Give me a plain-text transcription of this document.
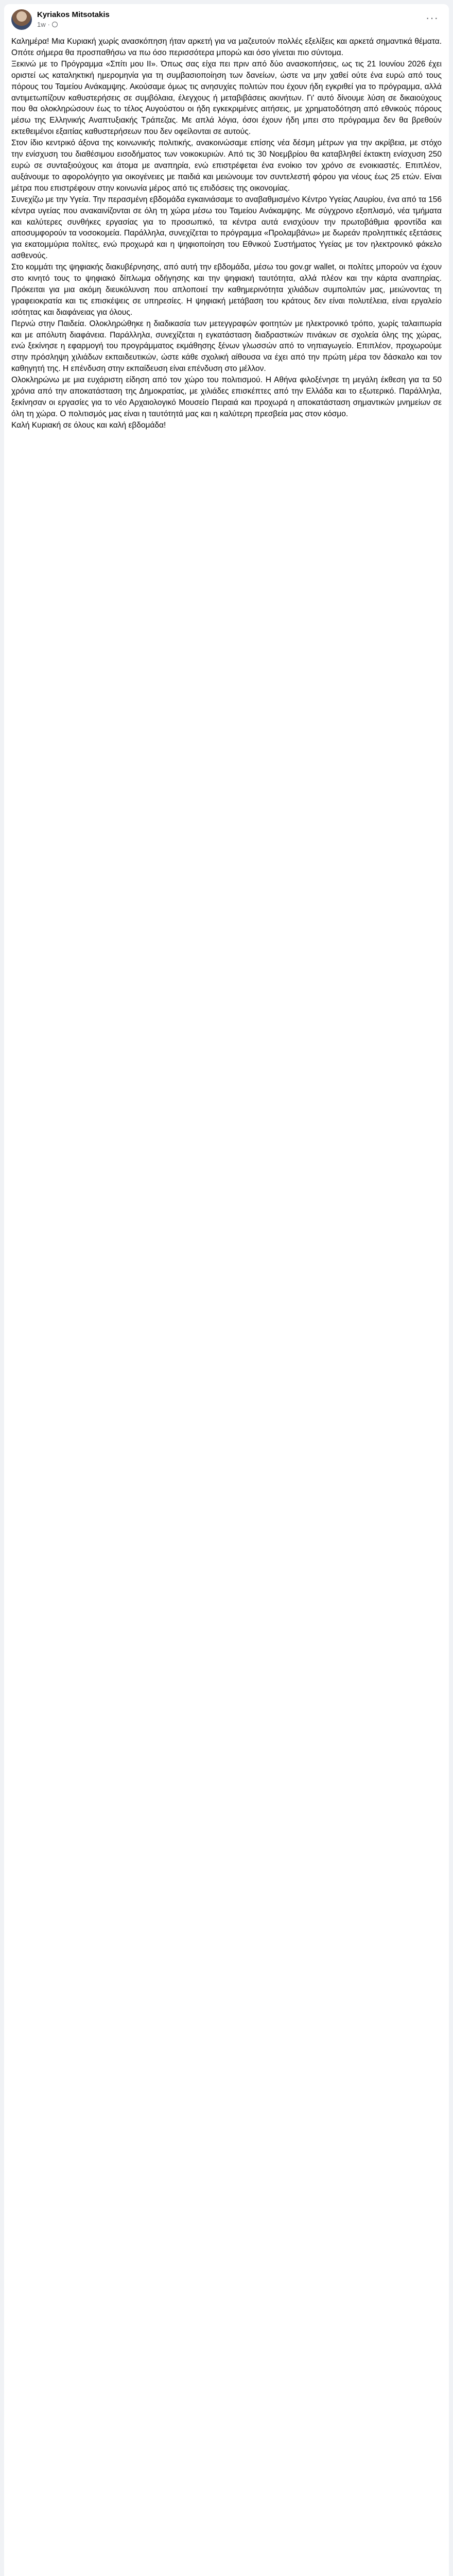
Kyriakos Mitsotakis
1w ·
···

Καλημέρα! Μια Κυριακή χωρίς ανασκόπηση ήταν αρκετή για να μαζευτούν πολλές εξελίξεις και αρκετά σημαντικά θέματα. Οπότε σήμερα θα προσπαθήσω να πω όσο περισσότερα μπορώ και όσο γίνεται πιο σύντομα.

Ξεκινώ με το Πρόγραμμα «Σπίτι μου ΙΙ». Όπως σας είχα πει πριν από δύο ανασκοπήσεις, ως τις 21 Ιουνίου 2026 έχει οριστεί ως καταληκτική ημερομηνία για τη συμβασιοποίηση των δανείων, ώστε να μην χαθεί ούτε ένα ευρώ από τους πόρους του Ταμείου Ανάκαμψης. Ακούσαμε όμως τις ανησυχίες πολιτών που έχουν ήδη εγκριθεί για το πρόγραμμα, αλλά αντιμετωπίζουν καθυστερήσεις σε συμβόλαια, έλεγχους ή μεταβιβάσεις ακινήτων. Γι' αυτό δίνουμε λύση σε δικαιούχους που θα ολοκληρώσουν έως το τέλος Αυγούστου οι ήδη εγκεκριμένες αιτήσεις, με χρηματοδότηση από εθνικούς πόρους μέσω της Ελληνικής Αναπτυξιακής Τράπεζας. Με απλά λόγια, όσοι έχουν ήδη μπει στο πρόγραμμα δεν θα βρεθούν εκτεθειμένοι εξαιτίας καθυστερήσεων που δεν οφείλονται σε αυτούς.

Στον ίδιο κεντρικό άξονα της κοινωνικής πολιτικής, ανακοινώσαμε επίσης νέα δέσμη μέτρων για την ακρίβεια, με στόχο την ενίσχυση του διαθέσιμου εισοδήματος των νοικοκυριών. Από τις 30 Νοεμβρίου θα καταβληθεί έκτακτη ενίσχυση 250 ευρώ σε συνταξιούχους και άτομα με αναπηρία, ενώ επιστρέφεται ένα ενοίκιο τον χρόνο σε ενοικιαστές. Επιπλέον, αυξάνουμε το αφορολόγητο για οικογένειες με παιδιά και μειώνουμε τον συντελεστή φόρου για νέους έως 25 ετών. Είναι μέτρα που επιστρέφουν στην κοινωνία μέρος από τις επιδόσεις της οικονομίας.

Συνεχίζω με την Υγεία. Την περασμένη εβδομάδα εγκαινιάσαμε το αναβαθμισμένο Κέντρο Υγείας Λαυρίου, ένα από τα 156 κέντρα υγείας που ανακαινίζονται σε όλη τη χώρα μέσω του Ταμείου Ανάκαμψης. Με σύγχρονο εξοπλισμό, νέα τμήματα και καλύτερες συνθήκες εργασίας για το προσωπικό, τα κέντρα αυτά ενισχύουν την πρωτοβάθμια φροντίδα και αποσυμφορούν τα νοσοκομεία. Παράλληλα, συνεχίζεται το πρόγραμμα «Προλαμβάνω» με δωρεάν προληπτικές εξετάσεις για εκατομμύρια πολίτες, ενώ προχωρά και η ψηφιοποίηση του Εθνικού Συστήματος Υγείας με τον ηλεκτρονικό φάκελο ασθενούς.

Στο κομμάτι της ψηφιακής διακυβέρνησης, από αυτή την εβδομάδα, μέσω του gov.gr wallet, οι πολίτες μπορούν να έχουν στο κινητό τους το ψηφιακό δίπλωμα οδήγησης και την ψηφιακή ταυτότητα, αλλά πλέον και την κάρτα αναπηρίας. Πρόκειται για μια ακόμη διευκόλυνση που απλοποιεί την καθημερινότητα χιλιάδων συμπολιτών μας, μειώνοντας τη γραφειοκρατία και τις επισκέψεις σε υπηρεσίες. Η ψηφιακή μετάβαση του κράτους δεν είναι πολυτέλεια, είναι εργαλείο ισότητας και διαφάνειας για όλους.

Περνώ στην Παιδεία. Ολοκληρώθηκε η διαδικασία των μετεγγραφών φοιτητών με ηλεκτρονικό τρόπο, χωρίς ταλαιπωρία και με απόλυτη διαφάνεια. Παράλληλα, συνεχίζεται η εγκατάσταση διαδραστικών πινάκων σε σχολεία όλης της χώρας, ενώ ξεκίνησε η εφαρμογή του προγράμματος εκμάθησης ξένων γλωσσών από το νηπιαγωγείο. Επιπλέον, προχωρούμε στην πρόσληψη χιλιάδων εκπαιδευτικών, ώστε κάθε σχολική αίθουσα να έχει από την πρώτη μέρα τον δάσκαλο και τον καθηγητή της. Η επένδυση στην εκπαίδευση είναι επένδυση στο μέλλον.

Ολοκληρώνω με μια ευχάριστη είδηση από τον χώρο του πολιτισμού. Η Αθήνα φιλοξένησε τη μεγάλη έκθεση για τα 50 χρόνια από την αποκατάσταση της Δημοκρατίας, με χιλιάδες επισκέπτες από την Ελλάδα και το εξωτερικό. Παράλληλα, ξεκίνησαν οι εργασίες για το νέο Αρχαιολογικό Μουσείο Πειραιά και προχωρά η αποκατάσταση σημαντικών μνημείων σε όλη τη χώρα. Ο πολιτισμός μας είναι η ταυτότητά μας και η καλύτερη πρεσβεία μας στον κόσμο.

Καλή Κυριακή σε όλους και καλή εβδομάδα!
